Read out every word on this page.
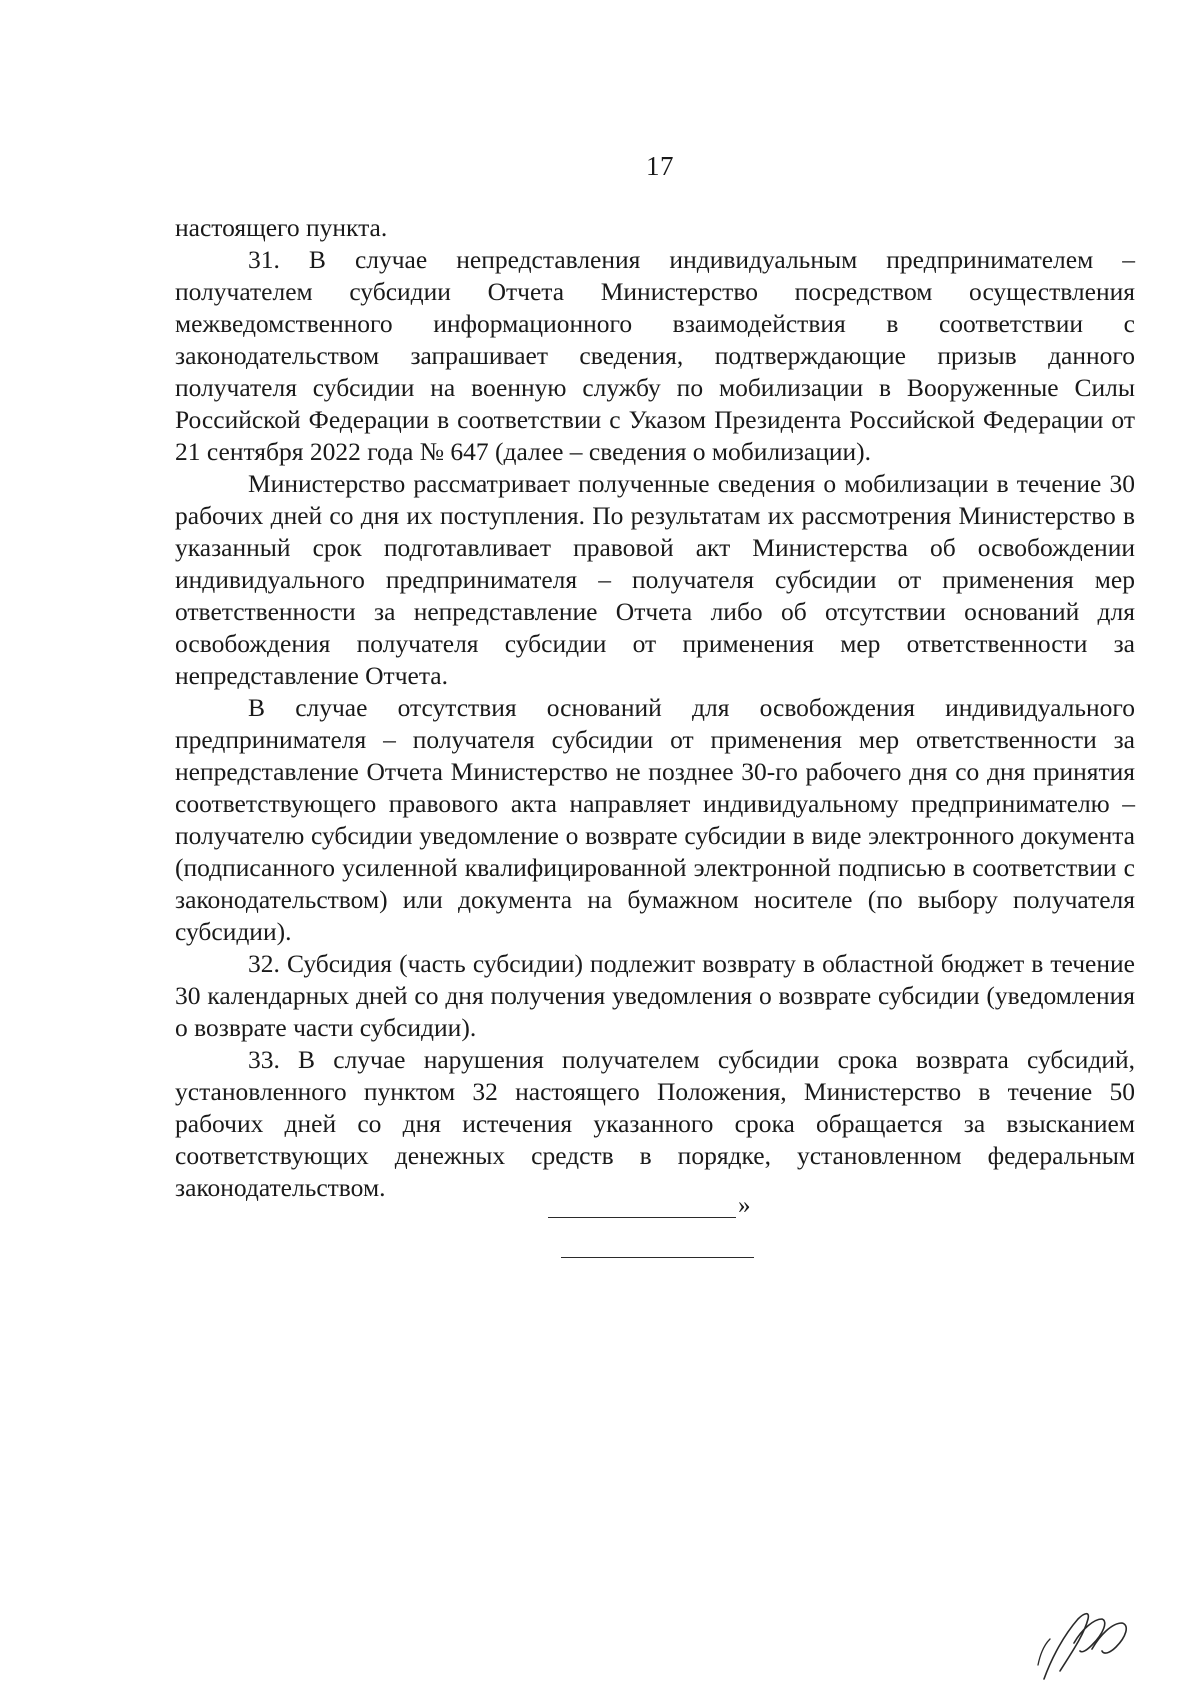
17

настоящего пункта.

31. В случае непредставления индивидуальным предпринимателем – получателем субсидии Отчета Министерство посредством осуществления межведомственного информационного взаимодействия в соответствии с законодательством запрашивает сведения, подтверждающие призыв данного получателя субсидии на военную службу по мобилизации в Вооруженные Силы Российской Федерации в соответствии с Указом Президента Российской Федерации от 21 сентября 2022 года № 647 (далее – сведения о мобилизации).

Министерство рассматривает полученные сведения о мобилизации в течение 30 рабочих дней со дня их поступления. По результатам их рассмотрения Министерство в указанный срок подготавливает правовой акт Министерства об освобождении индивидуального предпринимателя – получателя субсидии от применения мер ответственности за непредставление Отчета либо об отсутствии оснований для освобождения получателя субсидии от применения мер ответственности за непредставление Отчета.

В случае отсутствия оснований для освобождения индивидуального предпринимателя – получателя субсидии от применения мер ответственности за непредставление Отчета Министерство не позднее 30-го рабочего дня со дня принятия соответствующего правового акта направляет индивидуальному предпринимателю – получателю субсидии уведомление о возврате субсидии в виде электронного документа (подписанного усиленной квалифицированной электронной подписью в соответствии с законодательством) или документа на бумажном носителе (по выбору получателя субсидии).

32. Субсидия (часть субсидии) подлежит возврату в областной бюджет в течение 30 календарных дней со дня получения уведомления о возврате субсидии (уведомления о возврате части субсидии).

33. В случае нарушения получателем субсидии срока возврата субсидий, установленного пунктом 32 настоящего Положения, Министерство в течение 50 рабочих дней со дня истечения указанного срока обращается за взысканием соответствующих денежных средств в порядке, установленном федеральным законодательством.

»
